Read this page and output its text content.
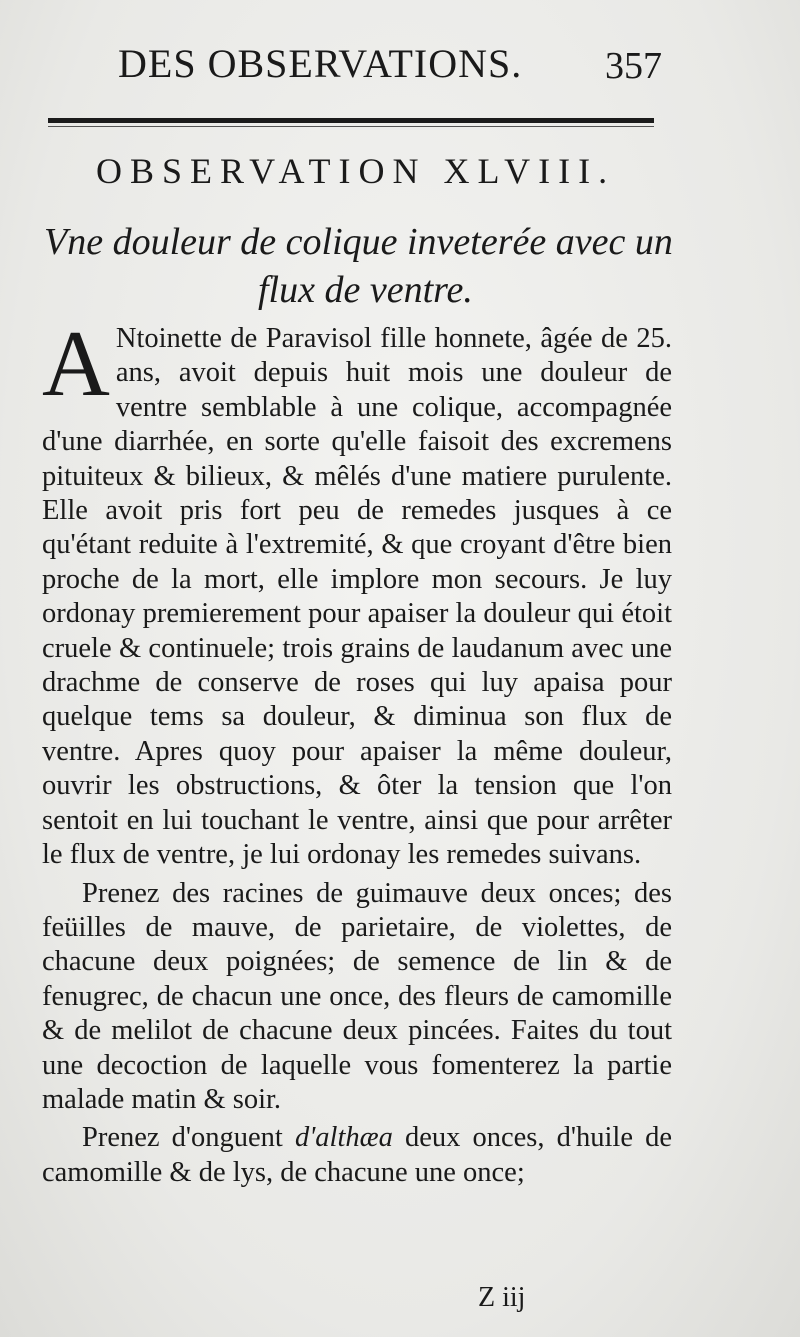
DES OBSERVATIONS. 357
OBSERVATION XLVIII.
Vne douleur de colique inveterée avec un
flux de ventre.

A Ntoinette de Paravisol fille honnete, âgée de 25. ans, avoit depuis huit mois une douleur de ventre semblable à une colique, accompagnée d'une diarrhée, en sorte qu'elle faisoit des excremens pituiteux & bilieux, & mêlés d'une matiere purulente. Elle avoit pris fort peu de remedes jusques à ce qu'étant reduite à l'extremité, & que croyant d'être bien proche de la mort, elle implore mon secours. Je luy ordonay premierement pour apaiser la douleur qui étoit cruele & continuele; trois grains de laudanum avec une drachme de conserve de roses qui luy apaisa pour quelque tems sa douleur, & diminua son flux de ventre. Apres quoy pour apaiser la même douleur, ouvrir les obstructions, & ôter la tension que l'on sentoit en lui touchant le ventre, ainsi que pour arrêter le flux de ventre, je lui ordonay les remedes suivans.

Prenez des racines de guimauve deux onces; des feüilles de mauve, de parietaire, de violettes, de chacune deux poignées; de semence de lin & de fenugrec, de chacun une once, des fleurs de camomille & de melilot de chacune deux pincées. Faites du tout une decoction de laquelle vous fomenterez la partie malade matin & soir.

Prenez d'onguent d'althæa deux onces, d'huile de camomille & de lys, de chacune une once;

Z iij
